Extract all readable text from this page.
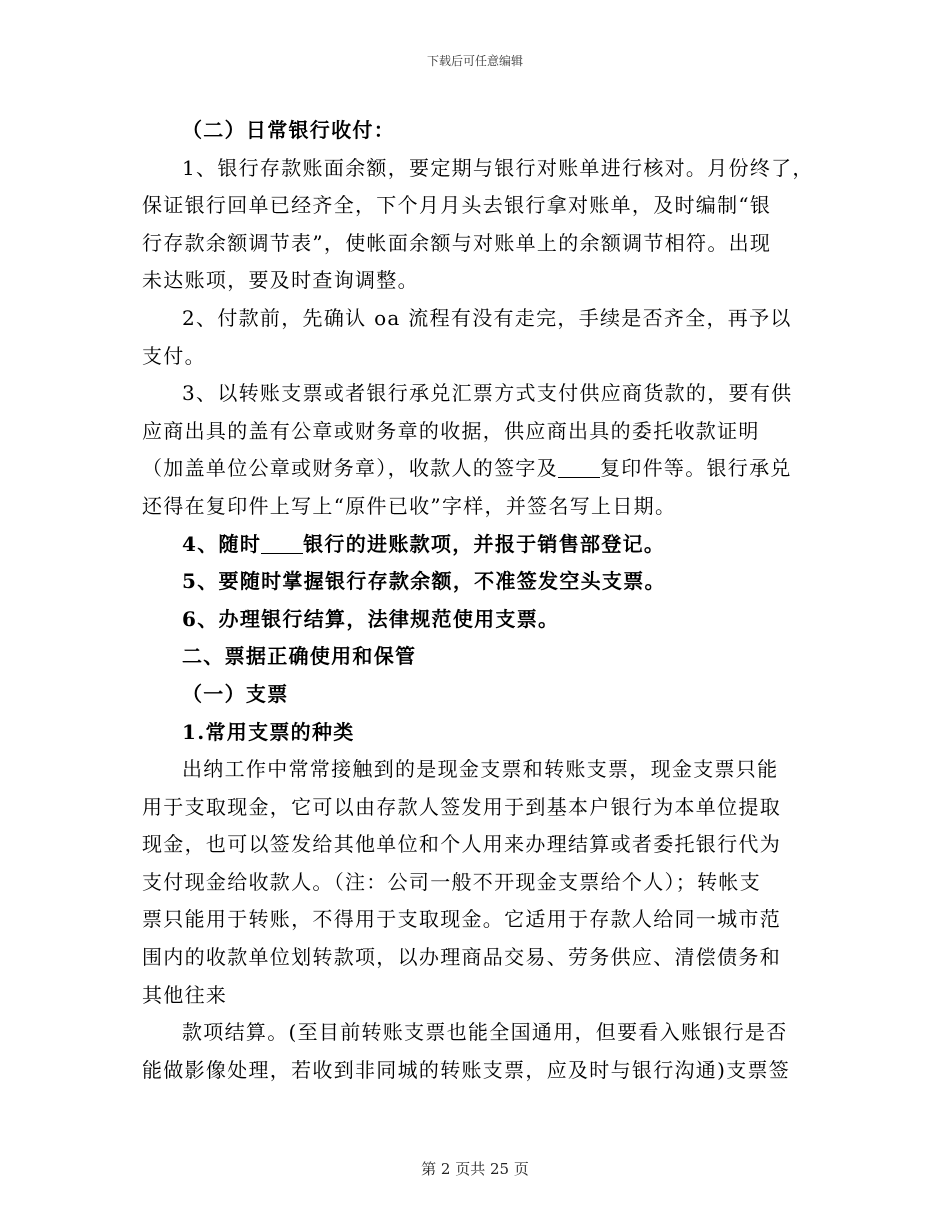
下载后可任意编辑
（二）日常银行收付：
1、银行存款账面余额，要定期与银行对账单进行核对。月份终了，
保证银行回单已经齐全，下个月月头去银行拿对账单，及时编制“银
行存款余额调节表”，使帐面余额与对账单上的余额调节相符。出现
未达账项，要及时查询调整。
2、付款前，先确认 oa 流程有没有走完，手续是否齐全，再予以
支付。
3、以转账支票或者银行承兑汇票方式支付供应商货款的，要有供
应商出具的盖有公章或财务章的收据，供应商出具的委托收款证明
（加盖单位公章或财务章），收款人的签字及 复印件等。银行承兑
还得在复印件上写上“原件已收”字样，并签名写上日期。
4、随时 银行的进账款项，并报于销售部登记。
5、要随时掌握银行存款余额，不准签发空头支票。
6、办理银行结算，法律规范使用支票。
二、票据正确使用和保管
（一）支票
1.常用支票的种类
出纳工作中常常接触到的是现金支票和转账支票，现金支票只能
用于支取现金，它可以由存款人签发用于到基本户银行为本单位提取
现金，也可以签发给其他单位和个人用来办理结算或者委托银行代为
支付现金给收款人。（注：公司一般不开现金支票给个人）；转帐支
票只能用于转账，不得用于支取现金。它适用于存款人给同一城市范
围内的收款单位划转款项，以办理商品交易、劳务供应、清偿债务和
其他往来
款项结算。(至目前转账支票也能全国通用，但要看入账银行是否
能做影像处理，若收到非同城的转账支票，应及时与银行沟通)支票签
第 2 页共 25 页
